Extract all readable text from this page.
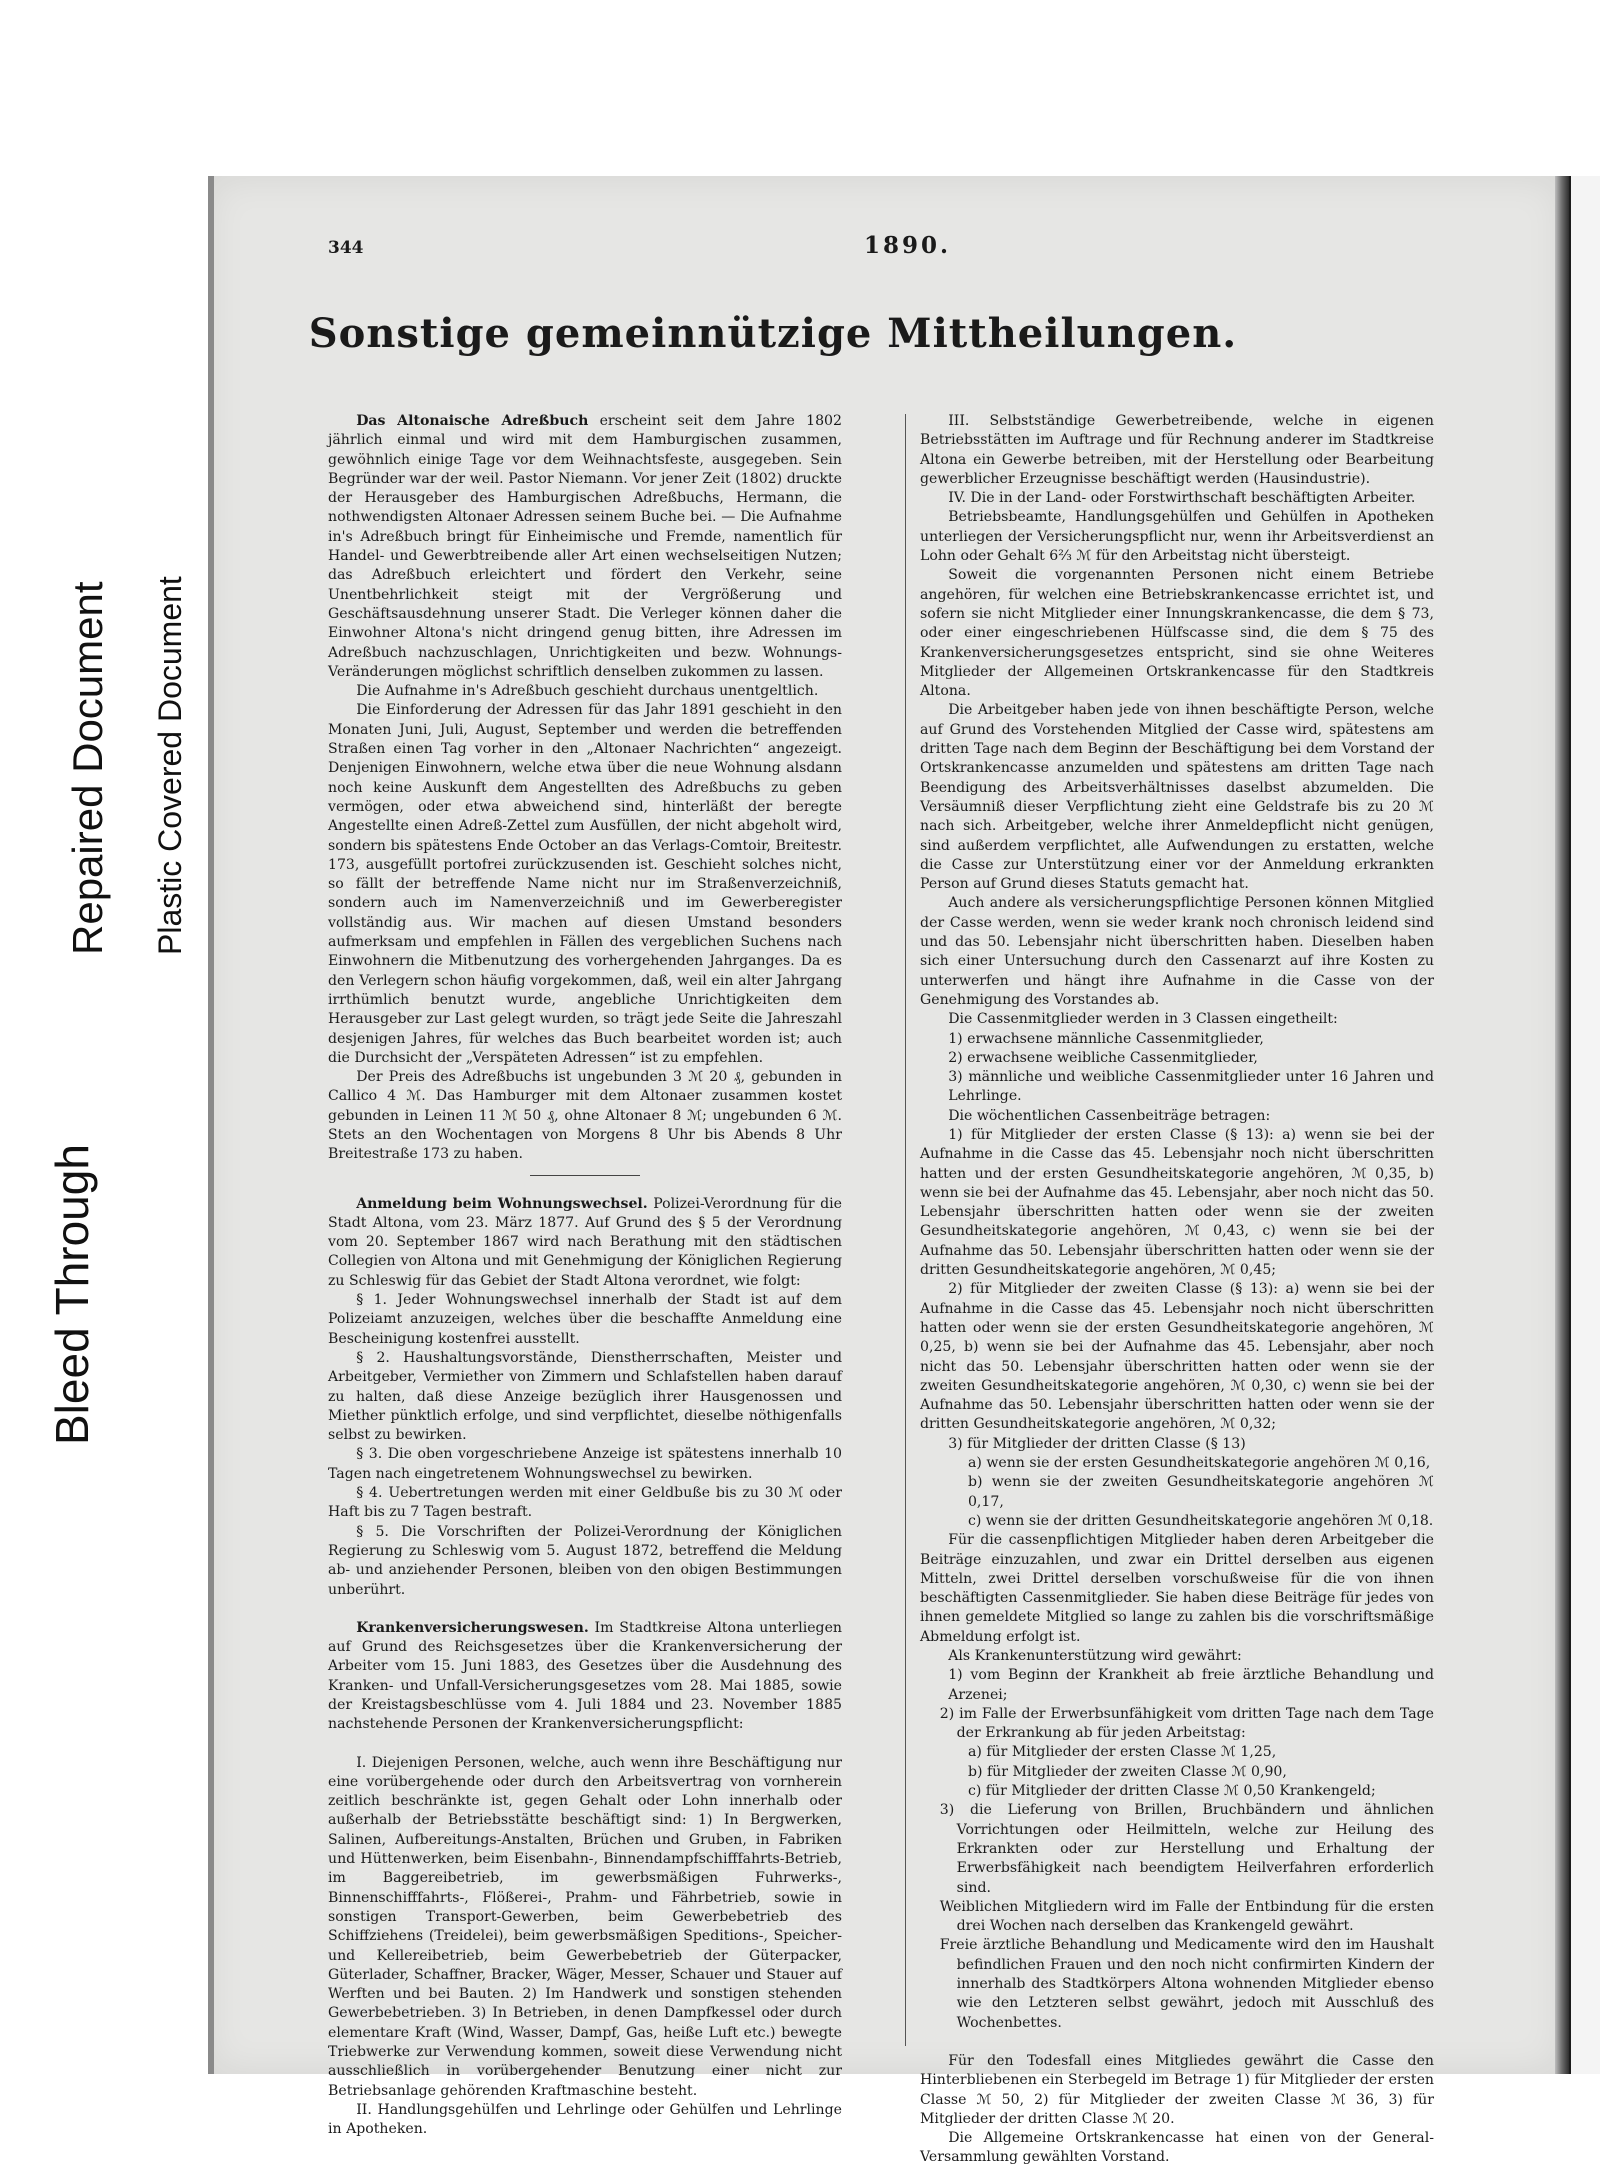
Bleed Through
Repaired Document Plastic Covered Document
344	1890.
Sonstige gemeinnützige Mittheilungen.

Das Altonaische Adreßbuch erscheint seit dem Jahre 1802 jährlich einmal und wird mit dem Hamburgischen zusammen, gewöhnlich einige Tage vor dem Weihnachtsfeste, ausgegeben. Sein Begründer war der weil. Pastor Niemann. Vor jener Zeit (1802) druckte der Herausgeber des Hamburgischen Adreßbuchs, Hermann, die nothwendigsten Altonaer Adressen seinem Buche bei. — Die Aufnahme in's Adreßbuch bringt für Einheimische und Fremde, namentlich für Handel- und Gewerbtreibende aller Art einen wechselseitigen Nutzen; das Adreßbuch erleichtert und fördert den Verkehr, seine Unentbehrlichkeit steigt mit der Vergrößerung und Geschäftsausdehnung unserer Stadt. Die Verleger können daher die Einwohner Altona's nicht dringend genug bitten, ihre Adressen im Adreßbuch nachzuschlagen, Unrichtigkeiten und bezw. Wohnungs-Veränderungen möglichst schriftlich denselben zukommen zu lassen.

Die Aufnahme in's Adreßbuch geschieht durchaus unentgeltlich.

Die Einforderung der Adressen für das Jahr 1891 geschieht in den Monaten Juni, Juli, August, September und werden die betreffenden Straßen einen Tag vorher in den „Altonaer Nachrichten“ angezeigt. Denjenigen Einwohnern, welche etwa über die neue Wohnung alsdann noch keine Auskunft dem Angestellten des Adreßbuchs zu geben vermögen, oder etwa abweichend sind, hinterläßt der beregte Angestellte einen Adreß-Zettel zum Ausfüllen, der nicht abgeholt wird, sondern bis spätestens Ende October an das Verlags-Comtoir, Breitestr. 173, ausgefüllt portofrei zurückzusenden ist. Geschieht solches nicht, so fällt der betreffende Name nicht nur im Straßenverzeichniß, sondern auch im Namenverzeichniß und im Gewerberegister vollständig aus. Wir machen auf diesen Umstand besonders aufmerksam und empfehlen in Fällen des vergeblichen Suchens nach Einwohnern die Mitbenutzung des vorhergehenden Jahrganges. Da es den Verlegern schon häufig vorgekommen, daß, weil ein alter Jahrgang irrthümlich benutzt wurde, angebliche Unrichtigkeiten dem Herausgeber zur Last gelegt wurden, so trägt jede Seite die Jahreszahl desjenigen Jahres, für welches das Buch bearbeitet worden ist; auch die Durchsicht der „Verspäteten Adressen“ ist zu empfehlen.

Der Preis des Adreßbuchs ist ungebunden 3 ℳ 20 ₰, gebunden in Callico 4 ℳ. Das Hamburger mit dem Altonaer zusammen kostet gebunden in Leinen 11 ℳ 50 ₰, ohne Altonaer 8 ℳ; ungebunden 6 ℳ. Stets an den Wochentagen von Morgens 8 Uhr bis Abends 8 Uhr Breitestraße 173 zu haben.

Anmeldung beim Wohnungswechsel. Polizei-Verordnung für die Stadt Altona, vom 23. März 1877. Auf Grund des § 5 der Verordnung vom 20. September 1867 wird nach Berathung mit den städtischen Collegien von Altona und mit Genehmigung der Königlichen Regierung zu Schleswig für das Gebiet der Stadt Altona verordnet, wie folgt:

§ 1. Jeder Wohnungswechsel innerhalb der Stadt ist auf dem Polizeiamt anzuzeigen, welches über die beschaffte Anmeldung eine Bescheinigung kostenfrei ausstellt.

§ 2. Haushaltungsvorstände, Dienstherrschaften, Meister und Arbeitgeber, Vermiether von Zimmern und Schlafstellen haben darauf zu halten, daß diese Anzeige bezüglich ihrer Hausgenossen und Miether pünktlich erfolge, und sind verpflichtet, dieselbe nöthigenfalls selbst zu bewirken.

§ 3. Die oben vorgeschriebene Anzeige ist spätestens innerhalb 10 Tagen nach eingetretenem Wohnungswechsel zu bewirken.

§ 4. Uebertretungen werden mit einer Geldbuße bis zu 30 ℳ oder Haft bis zu 7 Tagen bestraft.

§ 5. Die Vorschriften der Polizei-Verordnung der Königlichen Regierung zu Schleswig vom 5. August 1872, betreffend die Meldung ab- und anziehender Personen, bleiben von den obigen Bestimmungen unberührt.

Krankenversicherungswesen. Im Stadtkreise Altona unterliegen auf Grund des Reichsgesetzes über die Krankenversicherung der Arbeiter vom 15. Juni 1883, des Gesetzes über die Ausdehnung des Kranken- und Unfall-Versicherungsgesetzes vom 28. Mai 1885, sowie der Kreistagsbeschlüsse vom 4. Juli 1884 und 23. November 1885 nachstehende Personen der Krankenversicherungspflicht:

I. Diejenigen Personen, welche, auch wenn ihre Beschäftigung nur eine vorübergehende oder durch den Arbeitsvertrag von vornherein zeitlich beschränkte ist, gegen Gehalt oder Lohn innerhalb oder außerhalb der Betriebsstätte beschäftigt sind: 1) In Bergwerken, Salinen, Aufbereitungs-Anstalten, Brüchen und Gruben, in Fabriken und Hüttenwerken, beim Eisenbahn-, Binnendampfschifffahrts-Betrieb, im Baggereibetrieb, im gewerbsmäßigen Fuhrwerks-, Binnenschifffahrts-, Flößerei-, Prahm- und Fährbetrieb, sowie in sonstigen Transport-Gewerben, beim Gewerbebetrieb des Schiffziehens (Treidelei), beim gewerbsmäßigen Speditions-, Speicher- und Kellereibetrieb, beim Gewerbebetrieb der Güterpacker, Güterlader, Schaffner, Bracker, Wäger, Messer, Schauer und Stauer auf Werften und bei Bauten. 2) Im Handwerk und sonstigen stehenden Gewerbebetrieben. 3) In Betrieben, in denen Dampfkessel oder durch elementare Kraft (Wind, Wasser, Dampf, Gas, heiße Luft etc.) bewegte Triebwerke zur Verwendung kommen, soweit diese Verwendung nicht ausschließlich in vorübergehender Benutzung einer nicht zur Betriebsanlage gehörenden Kraftmaschine besteht.

II. Handlungsgehülfen und Lehrlinge oder Gehülfen und Lehrlinge in Apotheken.

III. Selbstständige Gewerbetreibende, welche in eigenen Betriebsstätten im Auftrage und für Rechnung anderer im Stadtkreise Altona ein Gewerbe betreiben, mit der Herstellung oder Bearbeitung gewerblicher Erzeugnisse beschäftigt werden (Hausindustrie).

IV. Die in der Land- oder Forstwirthschaft beschäftigten Arbeiter.

Betriebsbeamte, Handlungsgehülfen und Gehülfen in Apotheken unterliegen der Versicherungspflicht nur, wenn ihr Arbeitsverdienst an Lohn oder Gehalt 6⅔ ℳ für den Arbeitstag nicht übersteigt.

Soweit die vorgenannten Personen nicht einem Betriebe angehören, für welchen eine Betriebskrankencasse errichtet ist, und sofern sie nicht Mitglieder einer Innungskrankencasse, die dem § 73, oder einer eingeschriebenen Hülfscasse sind, die dem § 75 des Krankenversicherungsgesetzes entspricht, sind sie ohne Weiteres Mitglieder der Allgemeinen Ortskrankencasse für den Stadtkreis Altona.

Die Arbeitgeber haben jede von ihnen beschäftigte Person, welche auf Grund des Vorstehenden Mitglied der Casse wird, spätestens am dritten Tage nach dem Beginn der Beschäftigung bei dem Vorstand der Ortskrankencasse anzumelden und spätestens am dritten Tage nach Beendigung des Arbeitsverhältnisses daselbst abzumelden. Die Versäumniß dieser Verpflichtung zieht eine Geldstrafe bis zu 20 ℳ nach sich. Arbeitgeber, welche ihrer Anmeldepflicht nicht genügen, sind außerdem verpflichtet, alle Aufwendungen zu erstatten, welche die Casse zur Unterstützung einer vor der Anmeldung erkrankten Person auf Grund dieses Statuts gemacht hat.

Auch andere als versicherungspflichtige Personen können Mitglied der Casse werden, wenn sie weder krank noch chronisch leidend sind und das 50. Lebensjahr nicht überschritten haben. Dieselben haben sich einer Untersuchung durch den Cassenarzt auf ihre Kosten zu unterwerfen und hängt ihre Aufnahme in die Casse von der Genehmigung des Vorstandes ab.

Die Cassenmitglieder werden in 3 Classen eingetheilt:

1) erwachsene männliche Cassenmitglieder,

2) erwachsene weibliche Cassenmitglieder,

3) männliche und weibliche Cassenmitglieder unter 16 Jahren und Lehrlinge.

Die wöchentlichen Cassenbeiträge betragen:

1) für Mitglieder der ersten Classe (§ 13): a) wenn sie bei der Aufnahme in die Casse das 45. Lebensjahr noch nicht überschritten hatten und der ersten Gesundheitskategorie angehören, ℳ 0,35, b) wenn sie bei der Aufnahme das 45. Lebensjahr, aber noch nicht das 50. Lebensjahr überschritten hatten oder wenn sie der zweiten Gesundheitskategorie angehören, ℳ 0,43, c) wenn sie bei der Aufnahme das 50. Lebensjahr überschritten hatten oder wenn sie der dritten Gesundheitskategorie angehören, ℳ 0,45;

2) für Mitglieder der zweiten Classe (§ 13): a) wenn sie bei der Aufnahme in die Casse das 45. Lebensjahr noch nicht überschritten hatten oder wenn sie der ersten Gesundheitskategorie angehören, ℳ 0,25, b) wenn sie bei der Aufnahme das 45. Lebensjahr, aber noch nicht das 50. Lebensjahr überschritten hatten oder wenn sie der zweiten Gesundheitskategorie angehören, ℳ 0,30, c) wenn sie bei der Aufnahme das 50. Lebensjahr überschritten hatten oder wenn sie der dritten Gesundheitskategorie angehören, ℳ 0,32;

3) für Mitglieder der dritten Classe (§ 13)

a) wenn sie der ersten Gesundheitskategorie angehören ℳ 0,16,

b) wenn sie der zweiten Gesundheitskategorie angehören ℳ 0,17,

c) wenn sie der dritten Gesundheitskategorie angehören ℳ 0,18.

Für die cassenpflichtigen Mitglieder haben deren Arbeitgeber die Beiträge einzuzahlen, und zwar ein Drittel derselben aus eigenen Mitteln, zwei Drittel derselben vorschußweise für die von ihnen beschäftigten Cassenmitglieder. Sie haben diese Beiträge für jedes von ihnen gemeldete Mitglied so lange zu zahlen bis die vorschriftsmäßige Abmeldung erfolgt ist.

Als Krankenunterstützung wird gewährt:

1) vom Beginn der Krankheit ab freie ärztliche Behandlung und Arzenei;

2) im Falle der Erwerbsunfähigkeit vom dritten Tage nach dem Tage der Erkrankung ab für jeden Arbeitstag:

a) für Mitglieder der ersten Classe ℳ 1,25,

b) für Mitglieder der zweiten Classe ℳ 0,90,

c) für Mitglieder der dritten Classe ℳ 0,50 Krankengeld;

3) die Lieferung von Brillen, Bruchbändern und ähnlichen Vorrichtungen oder Heilmitteln, welche zur Heilung des Erkrankten oder zur Herstellung und Erhaltung der Erwerbsfähigkeit nach beendigtem Heilverfahren erforderlich sind.

Weiblichen Mitgliedern wird im Falle der Entbindung für die ersten drei Wochen nach derselben das Krankengeld gewährt.

Freie ärztliche Behandlung und Medicamente wird den im Haushalt befindlichen Frauen und den noch nicht confirmirten Kindern der innerhalb des Stadtkörpers Altona wohnenden Mitglieder ebenso wie den Letzteren selbst gewährt, jedoch mit Ausschluß des Wochenbettes.

Für den Todesfall eines Mitgliedes gewährt die Casse den Hinterbliebenen ein Sterbegeld im Betrage 1) für Mitglieder der ersten Classe ℳ 50, 2) für Mitglieder der zweiten Classe ℳ 36, 3) für Mitglieder der dritten Classe ℳ 20.

Die Allgemeine Ortskrankencasse hat einen von der General-Versammlung gewählten Vorstand.
